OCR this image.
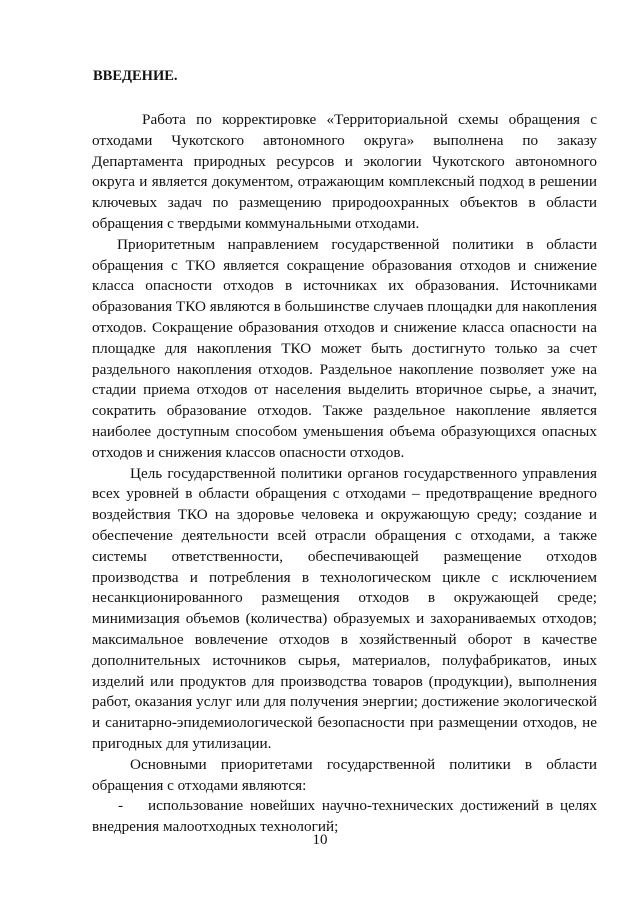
ВВЕДЕНИЕ.

Работа по корректировке «Территориальной схемы обращения с отходами Чукотского автономного округа» выполнена по заказу Департамента природных ресурсов и экологии Чукотского автономного округа и является документом, отражающим комплексный подход в решении ключевых задач по размещению природоохранных объектов в области обращения с твердыми коммунальными отходами.

Приоритетным направлением государственной политики в области обращения с ТКО является сокращение образования отходов и снижение класса опасности отходов в источниках их образования. Источниками образования ТКО являются в большинстве случаев площадки для накопления отходов. Сокращение образования отходов и снижение класса опасности на площадке для накопления ТКО может быть достигнуто только за счет раздельного накопления отходов. Раздельное накопление позволяет уже на стадии приема отходов от населения выделить вторичное сырье, а значит, сократить образование отходов. Также раздельное накопление является наиболее доступным способом уменьшения объема образующихся опасных отходов и снижения классов опасности отходов.

Цель государственной политики органов государственного управления всех уровней в области обращения с отходами – предотвращение вредного воздействия ТКО на здоровье человека и окружающую среду; создание и обеспечение деятельности всей отрасли обращения с отходами, а также системы ответственности, обеспечивающей размещение отходов производства и потребления в технологическом цикле с исключением несанкционированного размещения отходов в окружающей среде; минимизация объемов (количества) образуемых и захораниваемых отходов; максимальное вовлечение отходов в хозяйственный оборот в качестве дополнительных источников сырья, материалов, полуфабрикатов, иных изделий или продуктов для производства товаров (продукции), выполнения работ, оказания услуг или для получения энергии; достижение экологической и санитарно-эпидемиологической безопасности при размещении отходов, не пригодных для утилизации.

Основными приоритетами государственной политики в области обращения с отходами являются:

- использование новейших научно-технических достижений в целях внедрения малоотходных технологий;
10
